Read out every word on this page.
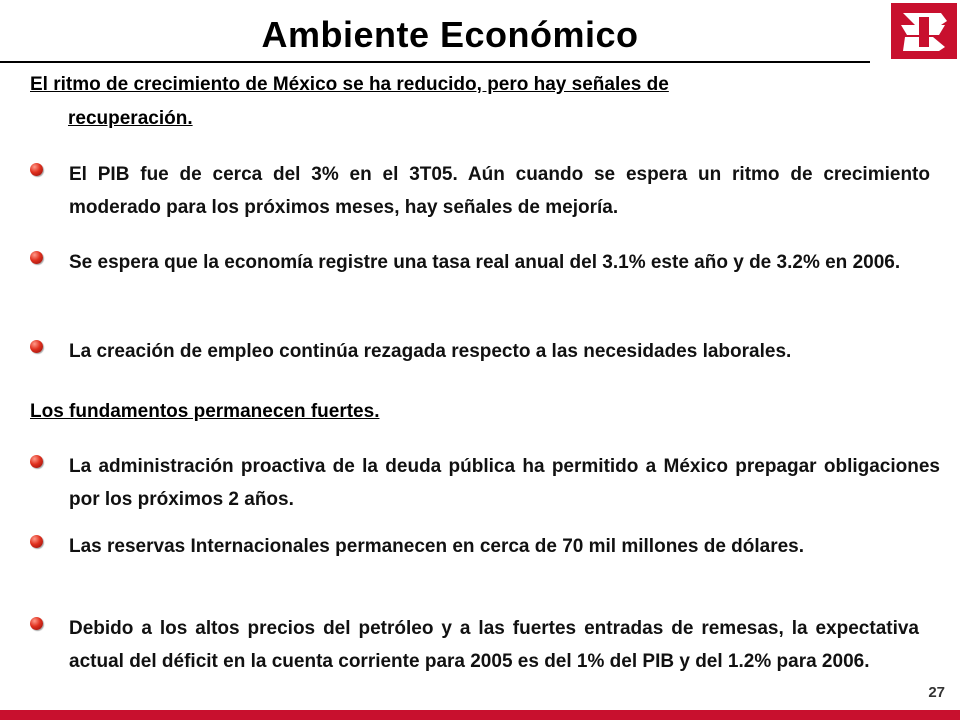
Ambiente Económico
El ritmo de crecimiento de México se ha reducido, pero hay señales de
recuperación.
El PIB fue de cerca del 3% en el 3T05. Aún cuando se espera un ritmo de crecimiento moderado para los próximos meses, hay señales de mejoría.
Se espera que la economía registre una tasa real anual del 3.1% este año y de 3.2% en 2006.
La creación de empleo continúa rezagada respecto a las necesidades laborales.
Los fundamentos permanecen fuertes.
La administración proactiva de la deuda pública ha permitido a México prepagar obligaciones por los próximos 2 años.
Las reservas Internacionales permanecen en cerca de 70 mil millones de dólares.
Debido a los altos precios del petróleo y a las fuertes entradas de remesas, la expectativa actual del déficit en la cuenta corriente para 2005 es del 1% del PIB y del 1.2% para 2006.
27
